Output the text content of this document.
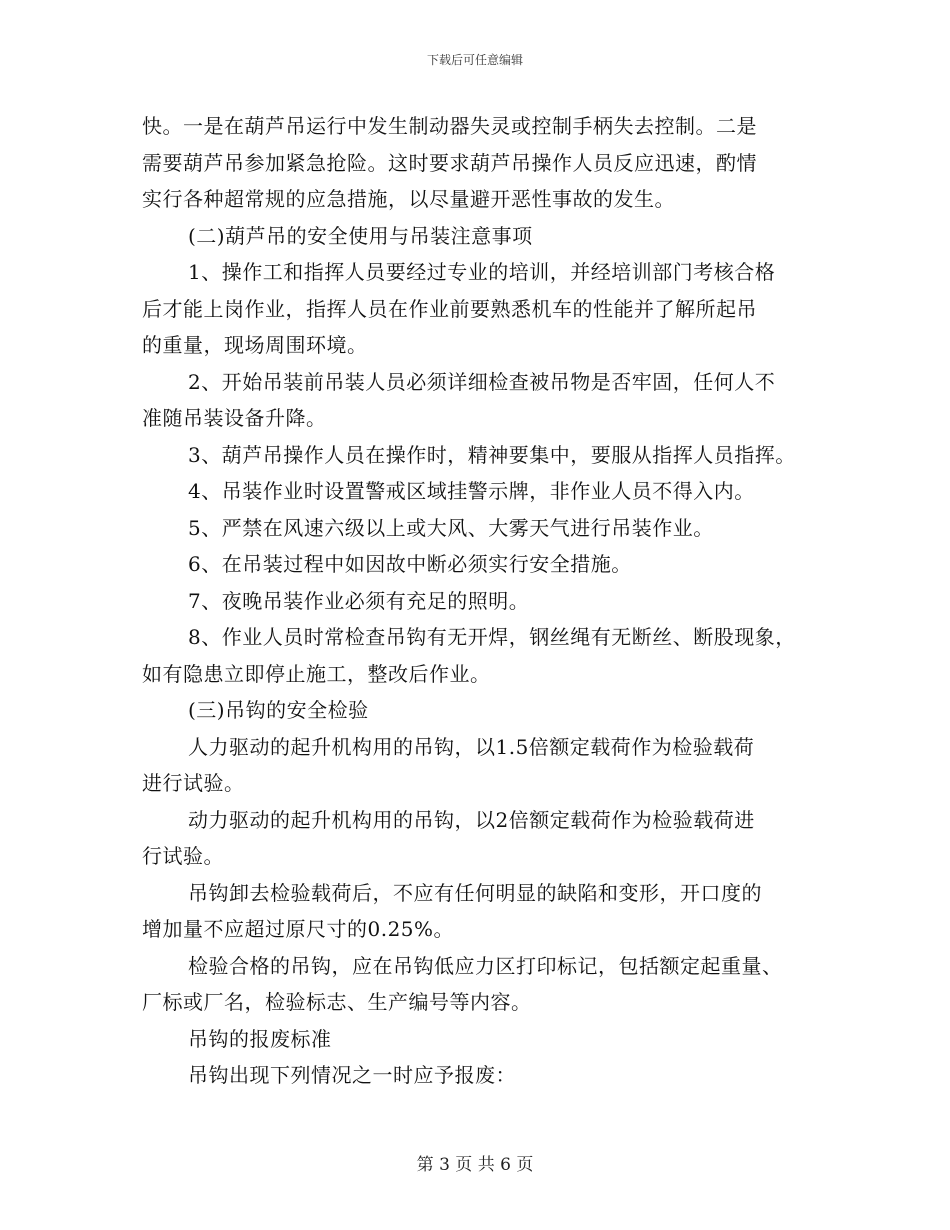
下载后可任意编辑
快。一是在葫芦吊运行中发生制动器失灵或控制手柄失去控制。二是
需要葫芦吊参加紧急抢险。这时要求葫芦吊操作人员反应迅速，酌情
实行各种超常规的应急措施，以尽量避开恶性事故的发生。
(二)葫芦吊的安全使用与吊装注意事项
1、操作工和指挥人员要经过专业的培训，并经培训部门考核合格
后才能上岗作业，指挥人员在作业前要熟悉机车的性能并了解所起吊
的重量，现场周围环境。
2、开始吊装前吊装人员必须详细检查被吊物是否牢固，任何人不
准随吊装设备升降。
3、葫芦吊操作人员在操作时，精神要集中，要服从指挥人员指挥。
4、吊装作业时设置警戒区域挂警示牌，非作业人员不得入内。
5、严禁在风速六级以上或大风、大雾天气进行吊装作业。
6、在吊装过程中如因故中断必须实行安全措施。
7、夜晚吊装作业必须有充足的照明。
8、作业人员时常检查吊钩有无开焊，钢丝绳有无断丝、断股现象，
如有隐患立即停止施工，整改后作业。
(三)吊钩的安全检验
人力驱动的起升机构用的吊钩，以1.5倍额定载荷作为检验载荷
进行试验。
动力驱动的起升机构用的吊钩，以2倍额定载荷作为检验载荷进
行试验。
吊钩卸去检验载荷后，不应有任何明显的缺陷和变形，开口度的
增加量不应超过原尺寸的0.25%。
检验合格的吊钩，应在吊钩低应力区打印标记，包括额定起重量、
厂标或厂名，检验标志、生产编号等内容。
吊钩的报废标准
吊钩出现下列情况之一时应予报废：
第 3 页 共 6 页
